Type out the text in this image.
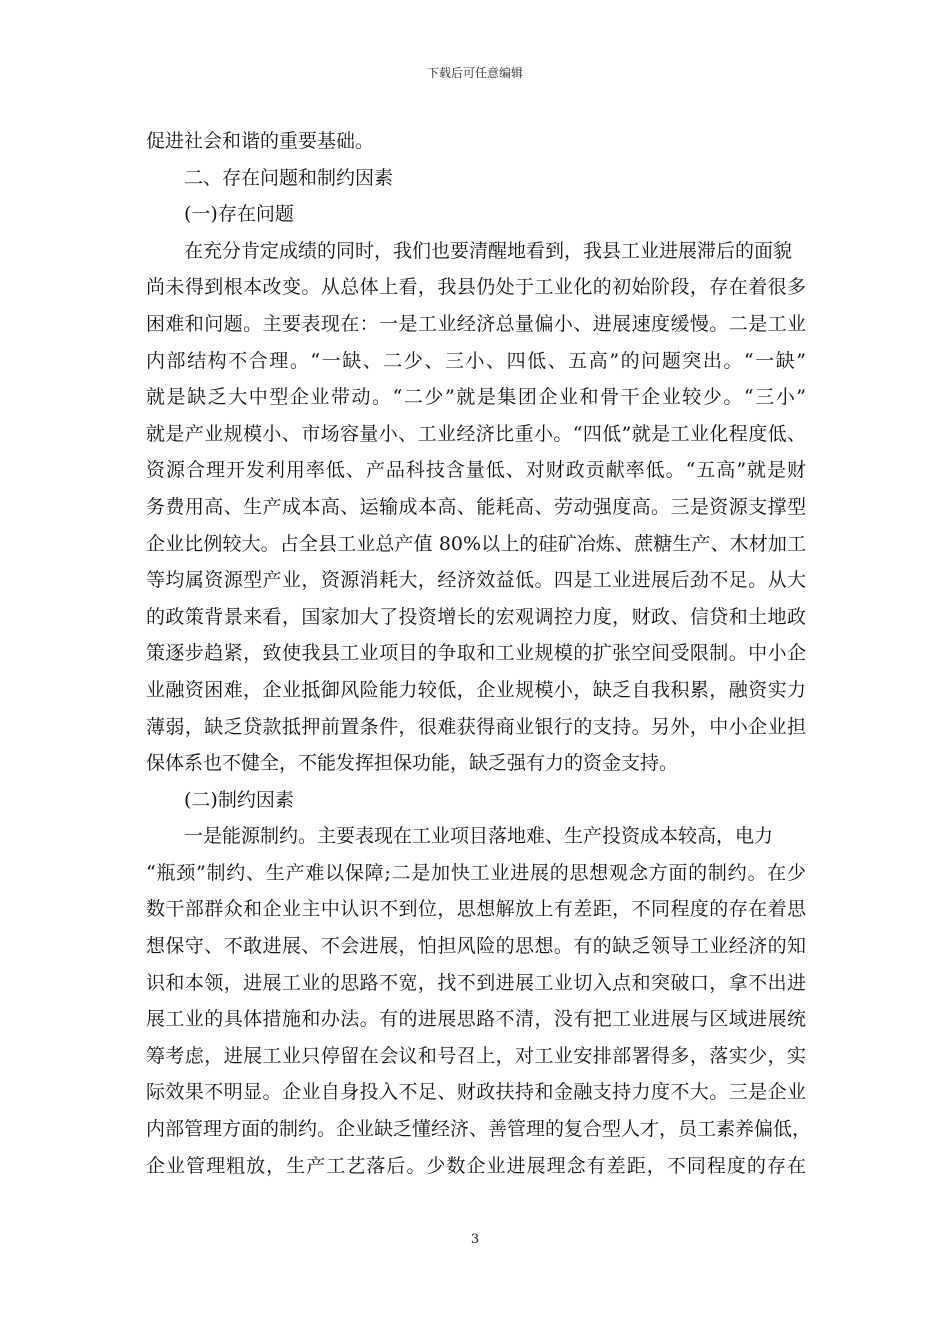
下载后可任意编辑
促进社会和谐的重要基础。
二、存在问题和制约因素
(一)存在问题
在充分肯定成绩的同时，我们也要清醒地看到，我县工业进展滞后的面貌
尚未得到根本改变。从总体上看，我县仍处于工业化的初始阶段，存在着很多
困难和问题。主要表现在：一是工业经济总量偏小、进展速度缓慢。二是工业
内部结构不合理。“一缺、二少、三小、四低、五高”的问题突出。“一缺”
就是缺乏大中型企业带动。“二少”就是集团企业和骨干企业较少。“三小”
就是产业规模小、市场容量小、工业经济比重小。“四低”就是工业化程度低、
资源合理开发利用率低、产品科技含量低、对财政贡献率低。“五高”就是财
务费用高、生产成本高、运输成本高、能耗高、劳动强度高。三是资源支撑型
企业比例较大。占全县工业总产值 80%以上的硅矿冶炼、蔗糖生产、木材加工
等均属资源型产业，资源消耗大，经济效益低。四是工业进展后劲不足。从大
的政策背景来看，国家加大了投资增长的宏观调控力度，财政、信贷和土地政
策逐步趋紧，致使我县工业项目的争取和工业规模的扩张空间受限制。中小企
业融资困难，企业抵御风险能力较低，企业规模小，缺乏自我积累，融资实力
薄弱，缺乏贷款抵押前置条件，很难获得商业银行的支持。另外，中小企业担
保体系也不健全，不能发挥担保功能，缺乏强有力的资金支持。
(二)制约因素
一是能源制约。主要表现在工业项目落地难、生产投资成本较高，电力
“瓶颈”制约、生产难以保障;二是加快工业进展的思想观念方面的制约。在少
数干部群众和企业主中认识不到位，思想解放上有差距，不同程度的存在着思
想保守、不敢进展、不会进展，怕担风险的思想。有的缺乏领导工业经济的知
识和本领，进展工业的思路不宽，找不到进展工业切入点和突破口，拿不出进
展工业的具体措施和办法。有的进展思路不清，没有把工业进展与区域进展统
筹考虑，进展工业只停留在会议和号召上，对工业安排部署得多，落实少，实
际效果不明显。企业自身投入不足、财政扶持和金融支持力度不大。三是企业
内部管理方面的制约。企业缺乏懂经济、善管理的复合型人才，员工素养偏低，
企业管理粗放，生产工艺落后。少数企业进展理念有差距，不同程度的存在
3
